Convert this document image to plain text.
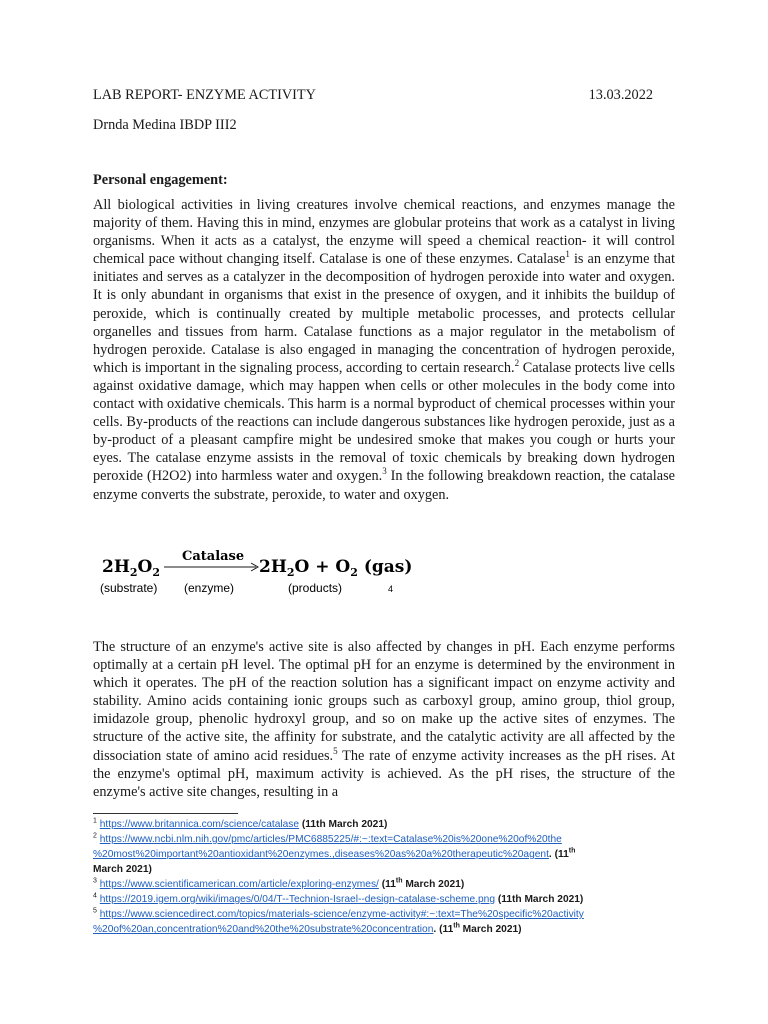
LAB REPORT- ENZYME ACTIVITY	13.03.2022
Drnda Medina IBDP III2
Personal engagement:

All biological activities in living creatures involve chemical reactions, and enzymes manage the majority of them. Having this in mind, enzymes are globular proteins that work as a catalyst in living organisms. When it acts as a catalyst, the enzyme will speed a chemical reaction- it will control chemical pace without changing itself. Catalase is one of these enzymes. Catalase$^1$ is an enzyme that initiates and serves as a catalyzer in the decomposition of hydrogen peroxide into water and oxygen. It is only abundant in organisms that exist in the presence of oxygen, and it inhibits the buildup of peroxide, which is continually created by multiple metabolic processes, and protects cellular organelles and tissues from harm. Catalase functions as a major regulator in the metabolism of hydrogen peroxide. Catalase is also engaged in managing the concentration of hydrogen peroxide, which is important in the signaling process, according to certain research.$^2$ Catalase protects live cells against oxidative damage, which may happen when cells or other molecules in the body come into contact with oxidative chemicals. This harm is a normal byproduct of chemical processes within your cells. By-products of the reactions can include dangerous substances like hydrogen peroxide, just as a by-product of a pleasant campfire might be undesired smoke that makes you cough or hurts your eyes. The catalase enzyme assists in the removal of toxic chemicals by breaking down hydrogen peroxide (H2O2) into harmless water and oxygen.$^3$ In the following breakdown reaction, the catalase enzyme converts the substrate, peroxide, to water and oxygen.

$2H_2O_2$
Catalase
$2H_2O + O_2$ (gas)
(substrate) (enzyme)	(products)	4

The structure of an enzyme's active site is also affected by changes in pH. Each enzyme performs optimally at a certain pH level. The optimal pH for an enzyme is determined by the environment in which it operates. The pH of the reaction solution has a significant impact on enzyme activity and stability. Amino acids containing ionic groups such as carboxyl group, amino group, thiol group, imidazole group, phenolic hydroxyl group, and so on make up the active sites of enzymes. The structure of the active site, the affinity for substrate, and the catalytic activity are all affected by the dissociation state of amino acid residues.$^5$ The rate of enzyme activity increases as the pH rises. At the enzyme's optimal pH, maximum activity is achieved. As the pH rises, the structure of the enzyme's active site changes, resulting in a

$^1$ https://www.britannica.com/science/catalase (11th March 2021)
$^2$ https://www.ncbi.nlm.nih.gov/pmc/articles/PMC6885225/#:~:text=Catalase%20is%20one%20of%20the
%20most%20important%20antioxidant%20enzymes.,diseases%20as%20a%20therapeutic%20agent. (11th
March 2021)
$^3$ https://www.scientificamerican.com/article/exploring-enzymes/ (11th March 2021)
$^4$ https://2019.igem.org/wiki/images/0/04/T--Technion-Israel--design-catalase-scheme.png (11th March 2021)
$^5$ https://www.sciencedirect.com/topics/materials-science/enzyme-activity#:~:text=The%20specific%20activity
%20of%20an,concentration%20and%20the%20substrate%20concentration. (11th March 2021)
